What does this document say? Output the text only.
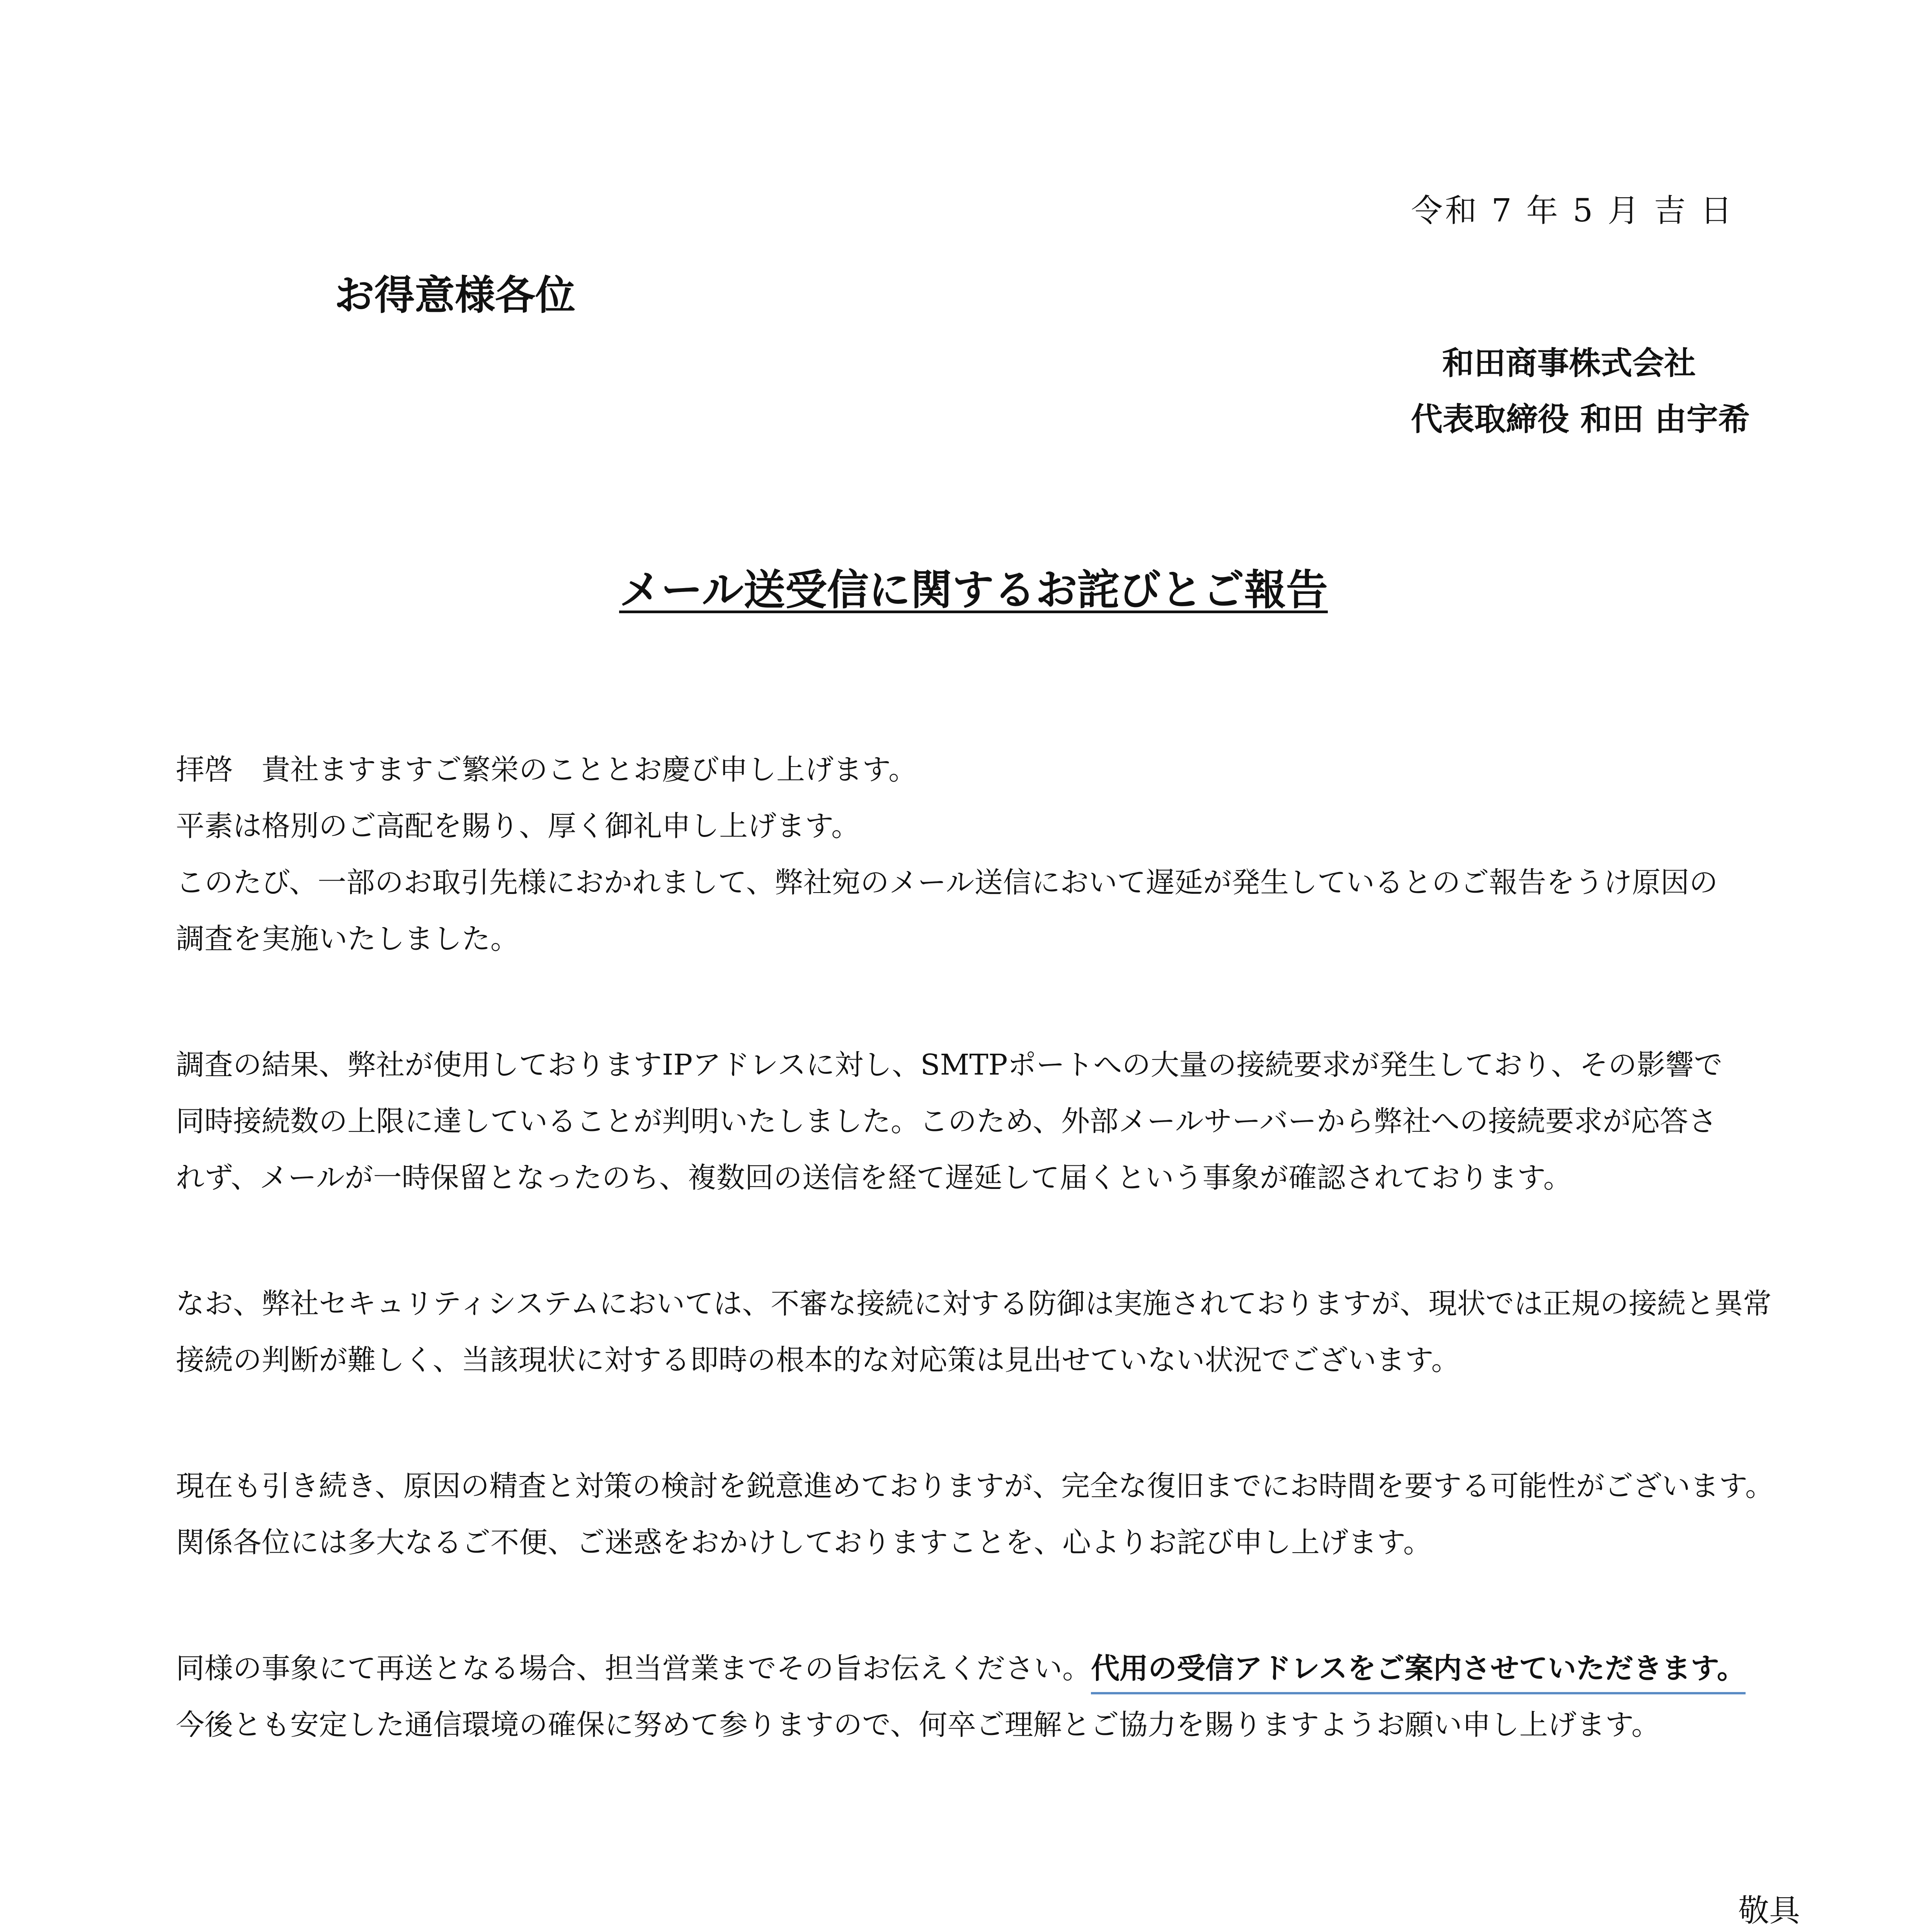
令和 7 年 5 月 吉 日
お得意様各位
和田商事株式会社
代表取締役 和田 由宇希
メール送受信に関するお詫びとご報告
拝啓　貴社ますますご繁栄のこととお慶び申し上げます。
平素は格別のご高配を賜り、厚く御礼申し上げます。
このたび、一部のお取引先様におかれまして、弊社宛のメール送信において遅延が発生しているとのご報告をうけ原因の
調査を実施いたしました。
調査の結果、弊社が使用しておりますIPアドレスに対し、SMTPポートへの大量の接続要求が発生しており、その影響で
同時接続数の上限に達していることが判明いたしました。このため、外部メールサーバーから弊社への接続要求が応答さ
れず、メールが一時保留となったのち、複数回の送信を経て遅延して届くという事象が確認されております。
なお、弊社セキュリティシステムにおいては、不審な接続に対する防御は実施されておりますが、現状では正規の接続と異常
接続の判断が難しく、当該現状に対する即時の根本的な対応策は見出せていない状況でございます。
現在も引き続き、原因の精査と対策の検討を鋭意進めておりますが、完全な復旧までにお時間を要する可能性がございます。
関係各位には多大なるご不便、ご迷惑をおかけしておりますことを、心よりお詫び申し上げます。
同様の事象にて再送となる場合、担当営業までその旨お伝えください。代用の受信アドレスをご案内させていただきます。
今後とも安定した通信環境の確保に努めて参りますので、何卒ご理解とご協力を賜りますようお願い申し上げます。
敬具
